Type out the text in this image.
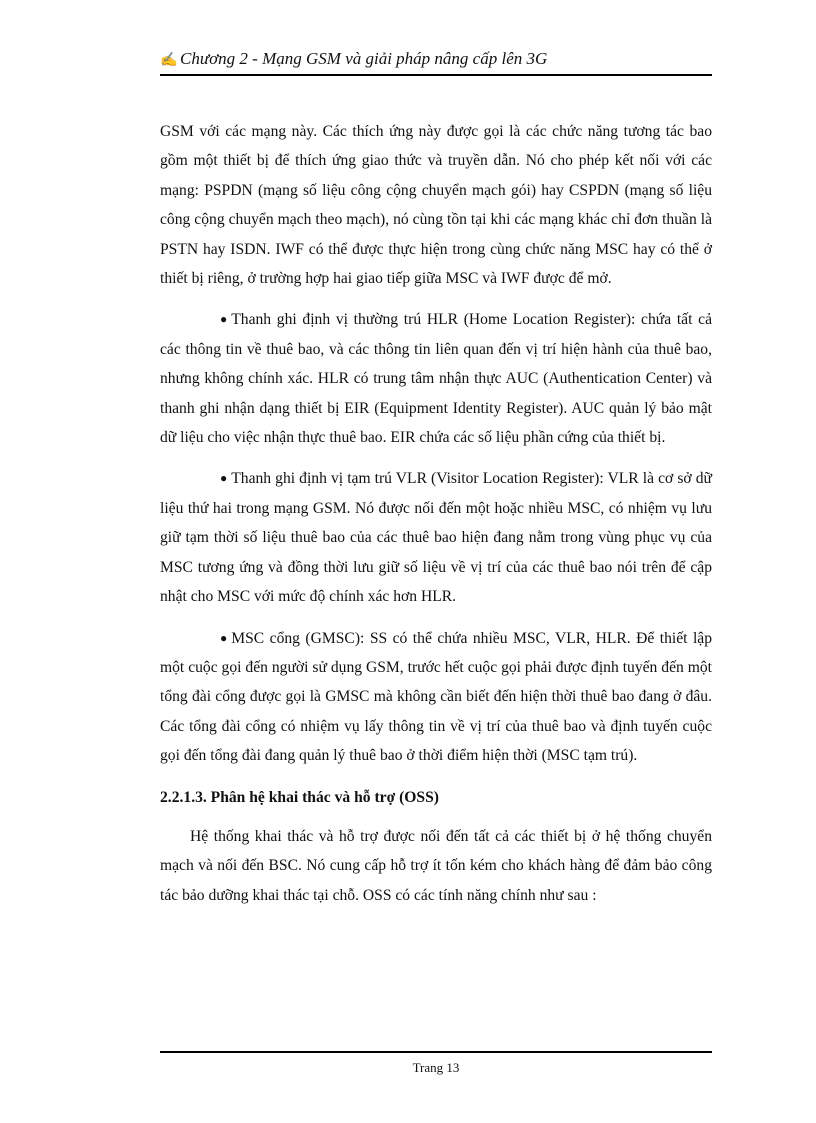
✍ Chương 2 - Mạng GSM và giải pháp nâng cấp lên 3G

GSM với các mạng này. Các thích ứng này được gọi là các chức năng tương tác bao gồm một thiết bị để thích ứng giao thức và truyền dẫn. Nó cho phép kết nối với các mạng: PSPDN (mạng số liệu công cộng chuyển mạch gói) hay CSPDN (mạng số liệu công cộng chuyển mạch theo mạch), nó cùng tồn tại khi các mạng khác chỉ đơn thuần là PSTN hay ISDN. IWF có thể được thực hiện trong cùng chức năng MSC hay có thể ở thiết bị riêng, ở trường hợp hai giao tiếp giữa MSC và IWF được để mở.

● Thanh ghi định vị thường trú HLR (Home Location Register): chứa tất cả các thông tin về thuê bao, và các thông tin liên quan đến vị trí hiện hành của thuê bao, nhưng không chính xác. HLR có trung tâm nhận thực AUC (Authentication Center) và thanh ghi nhận dạng thiết bị EIR (Equipment Identity Register). AUC quản lý bảo mật dữ liệu cho việc nhận thực thuê bao. EIR chứa các số liệu phần cứng của thiết bị.

● Thanh ghi định vị tạm trú VLR (Visitor Location Register): VLR là cơ sở dữ liệu thứ hai trong mạng GSM. Nó được nối đến một hoặc nhiều MSC, có nhiệm vụ lưu giữ tạm thời số liệu thuê bao của các thuê bao hiện đang nằm trong vùng phục vụ của MSC tương ứng và đồng thời lưu giữ số liệu về vị trí của các thuê bao nói trên để cập nhật cho MSC với mức độ chính xác hơn HLR.

● MSC cổng (GMSC): SS có thể chứa nhiều MSC, VLR, HLR. Để thiết lập một cuộc gọi đến người sử dụng GSM, trước hết cuộc gọi phải được định tuyến đến một tổng đài cổng được gọi là GMSC mà không cần biết đến hiện thời thuê bao đang ở đâu. Các tổng đài cổng có nhiệm vụ lấy thông tin về vị trí của thuê bao và định tuyến cuộc gọi đến tổng đài đang quản lý thuê bao ở thời điểm hiện thời (MSC tạm trú).

2.2.1.3. Phân hệ khai thác và hỗ trợ (OSS)

Hệ thống khai thác và hỗ trợ được nối đến tất cả các thiết bị ở hệ thống chuyển mạch và nối đến BSC. Nó cung cấp hỗ trợ ít tốn kém cho khách hàng để đảm bảo công tác bảo dưỡng khai thác tại chỗ. OSS có các tính năng chính như sau :

Trang 13
